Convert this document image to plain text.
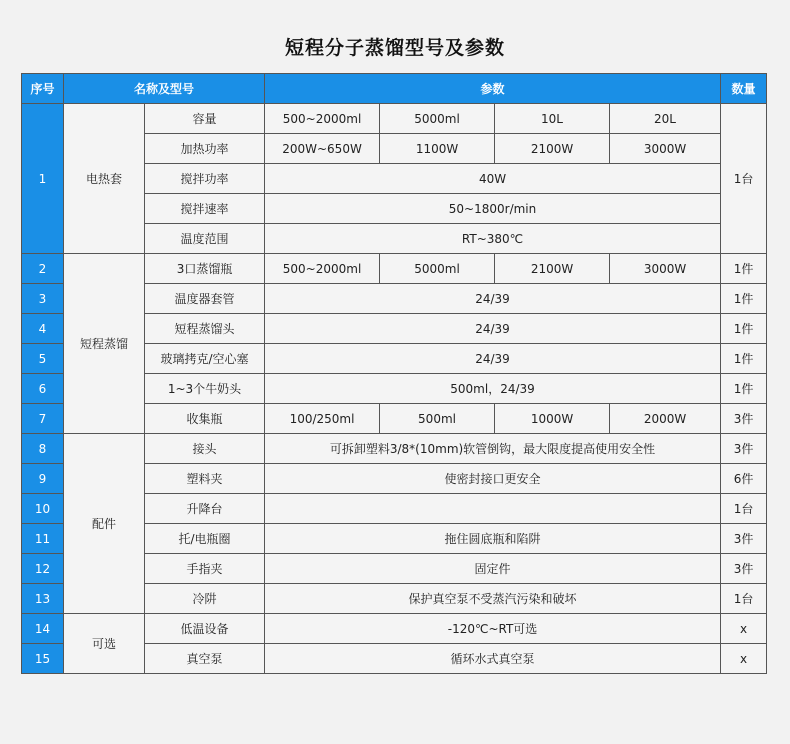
短程分子蒸馏型号及参数
序号	名称及型号		参数				数量
1	电热套	容量	500~2000ml	5000ml	10L	20L	1台
		加热功率	200W~650W	1100W	2100W	3000W	
		搅拌功率	40W				
		搅拌速率	50~1800r/min				
		温度范围	RT~380℃				
2	短程蒸馏	3口蒸馏瓶	500~2000ml	5000ml	2100W	3000W	1件
3		温度器套管	24/39				1件
4		短程蒸馏头	24/39				1件
5		玻璃拷克/空心塞	24/39				1件
6		1~3个牛奶头	500ml，24/39				1件
7		收集瓶	100/250ml	500ml	1000W	2000W	3件
8	配件	接头	可拆卸塑料3/8*(10mm)软管倒钩，最大限度提高使用安全性				3件
9		塑料夹	使密封接口更安全				6件
10		升降台					1台
11		托/电瓶圈	拖住圆底瓶和陷阱				3件
12		手指夹	固定件				3件
13		冷阱	保护真空泵不受蒸汽污染和破坏				1台
14	可选	低温设备	-120℃~RT可选				x
15		真空泵	循环水式真空泵				x
